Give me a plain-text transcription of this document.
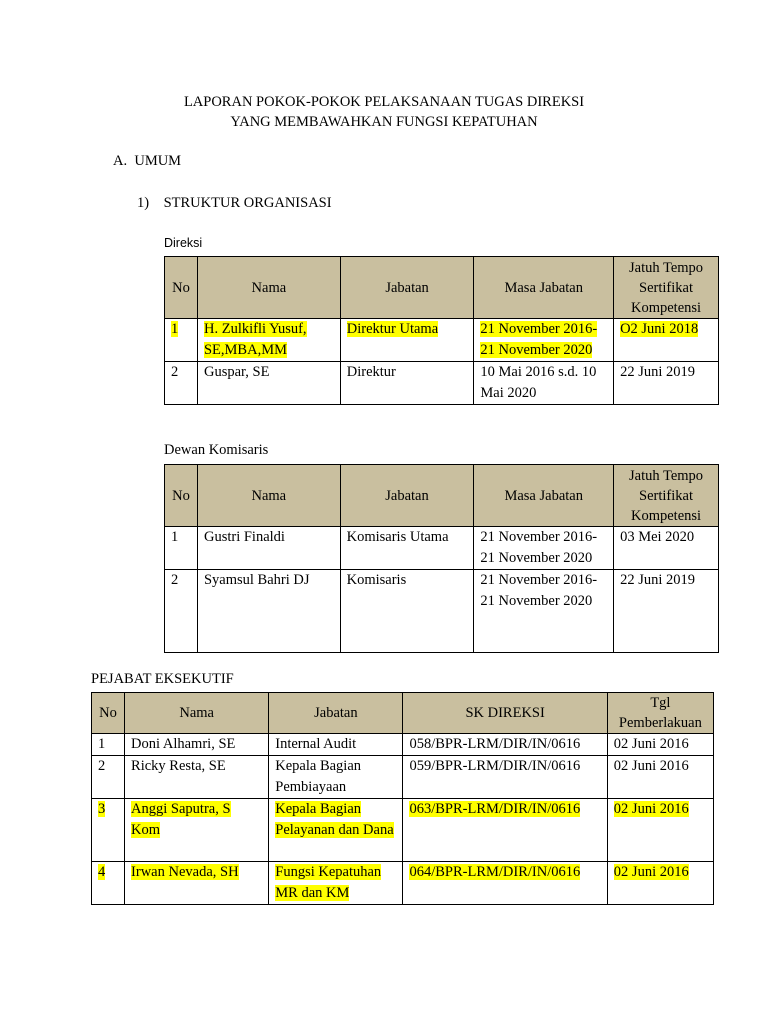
LAPORAN POKOK-POKOK PELAKSANAAN TUGAS DIREKSI
YANG MEMBAWAHKAN FUNGSI KEPATUHAN
A.  UMUM
1)    STRUKTUR ORGANISASI
Direksi
No	Nama	Jabatan	Masa Jabatan	Jatuh Tempo Sertifikat Kompetensi
1	H. Zulkifli Yusuf, SE,MBA,MM	Direktur Utama	21 November 2016-21 November 2020	O2 Juni 2018
2	Guspar, SE	Direktur	10 Mai 2016 s.d. 10 Mai 2020	22 Juni 2019
Dewan Komisaris
No	Nama	Jabatan	Masa Jabatan	Jatuh Tempo Sertifikat Kompetensi
1	Gustri Finaldi	Komisaris Utama	21 November 2016-21 November 2020	03 Mei 2020
2	Syamsul Bahri DJ	Komisaris	21 November 2016-21 November 2020	22 Juni 2019
PEJABAT EKSEKUTIF
No	Nama	Jabatan	SK DIREKSI	Tgl Pemberlakuan
1	Doni Alhamri, SE	Internal Audit	058/BPR-LRM/DIR/IN/0616	02 Juni 2016
2	Ricky Resta, SE	Kepala Bagian Pembiayaan	059/BPR-LRM/DIR/IN/0616	02 Juni 2016
3	Anggi Saputra, S Kom	Kepala Bagian Pelayanan dan Dana	063/BPR-LRM/DIR/IN/0616	02 Juni 2016
4	Irwan Nevada, SH	Fungsi Kepatuhan MR dan KM	064/BPR-LRM/DIR/IN/0616	02 Juni 2016
